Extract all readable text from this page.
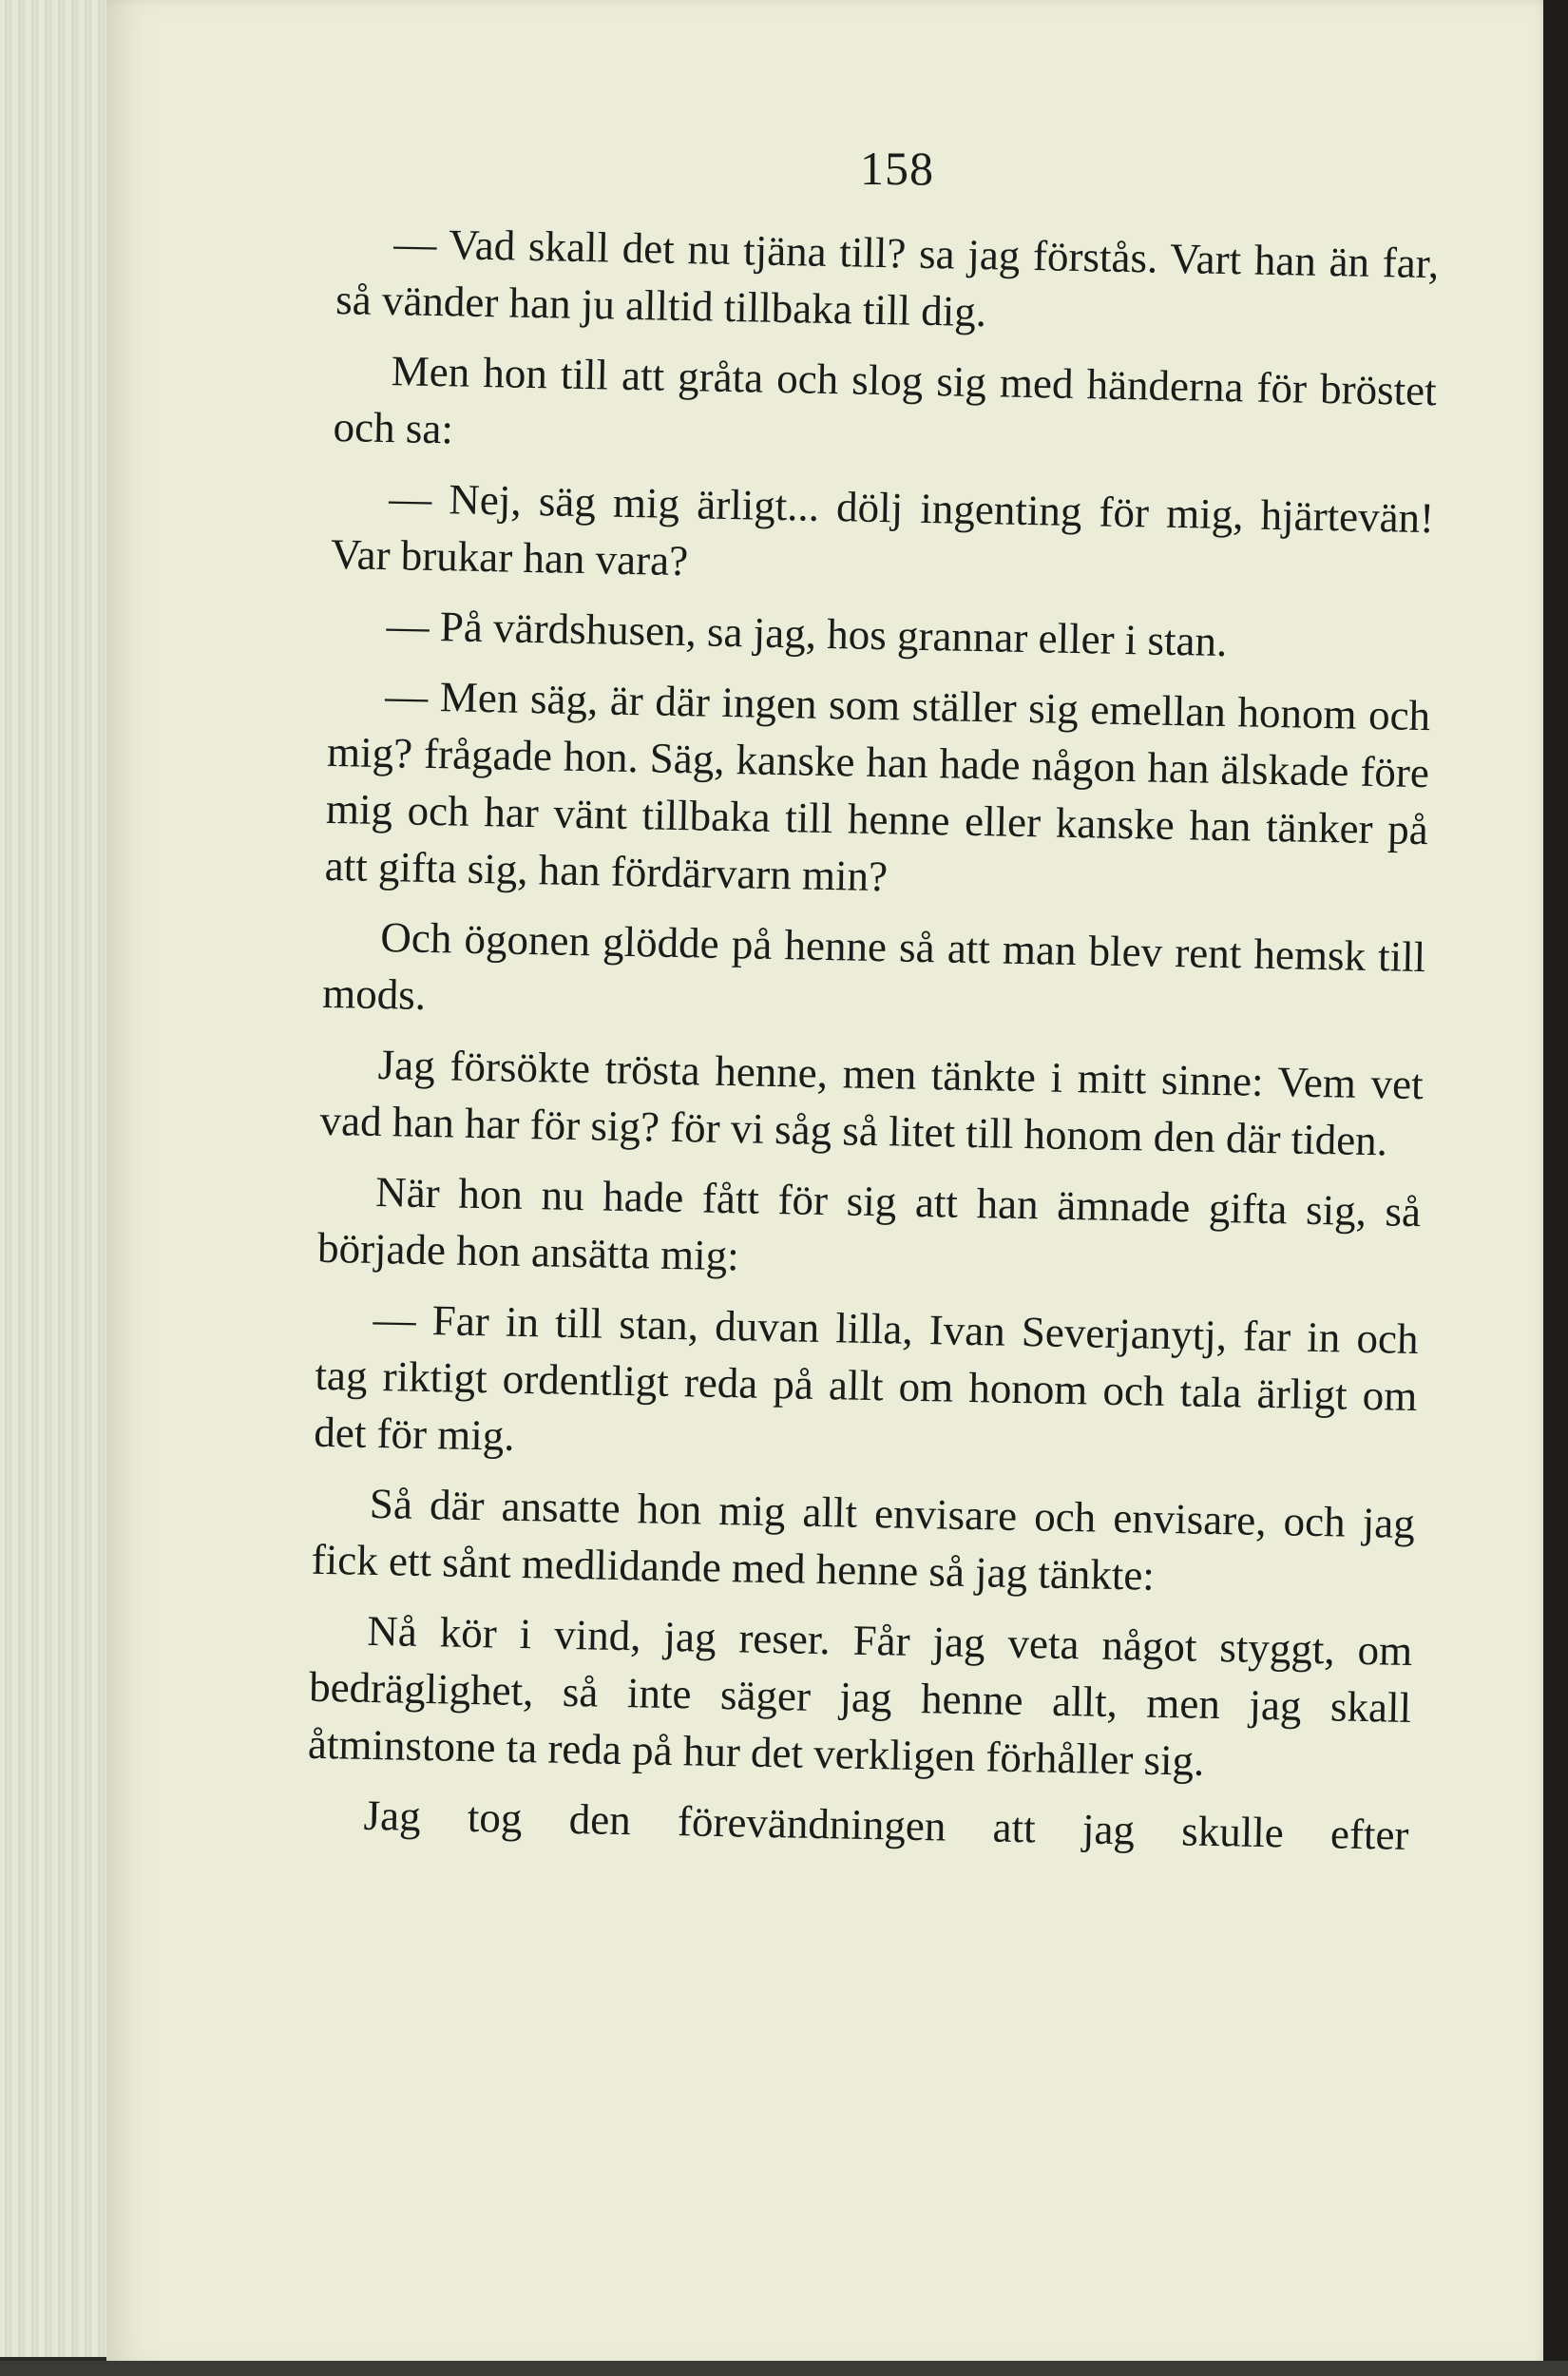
158

— Vad skall det nu tjäna till? sa jag förstås. Vart han än far, så vänder han ju alltid tillbaka till dig.

Men hon till att gråta och slog sig med händerna för bröstet och sa:

— Nej, säg mig ärligt... dölj ingenting för mig, hjärtevän! Var brukar han vara?

— På värdshusen, sa jag, hos grannar eller i stan.

— Men säg, är där ingen som ställer sig emellan honom och mig? frågade hon. Säg, kanske han hade någon han älskade före mig och har vänt tillbaka till henne eller kanske han tänker på att gifta sig, han fördärvarn min?

Och ögonen glödde på henne så att man blev rent hemsk till mods.

Jag försökte trösta henne, men tänkte i mitt sinne: Vem vet vad han har för sig? för vi såg så litet till honom den där tiden.

När hon nu hade fått för sig att han ämnade gifta sig, så började hon ansätta mig:

— Far in till stan, duvan lilla, Ivan Severjanytj, far in och tag riktigt ordentligt reda på allt om honom och tala ärligt om det för mig.

Så där ansatte hon mig allt envisare och envisare, och jag fick ett sånt medlidande med henne så jag tänkte:

Nå kör i vind, jag reser. Får jag veta något styggt, om bedräglighet, så inte säger jag henne allt, men jag skall åtminstone ta reda på hur det verkligen förhåller sig.

Jag tog den förevändningen att jag skulle efter
